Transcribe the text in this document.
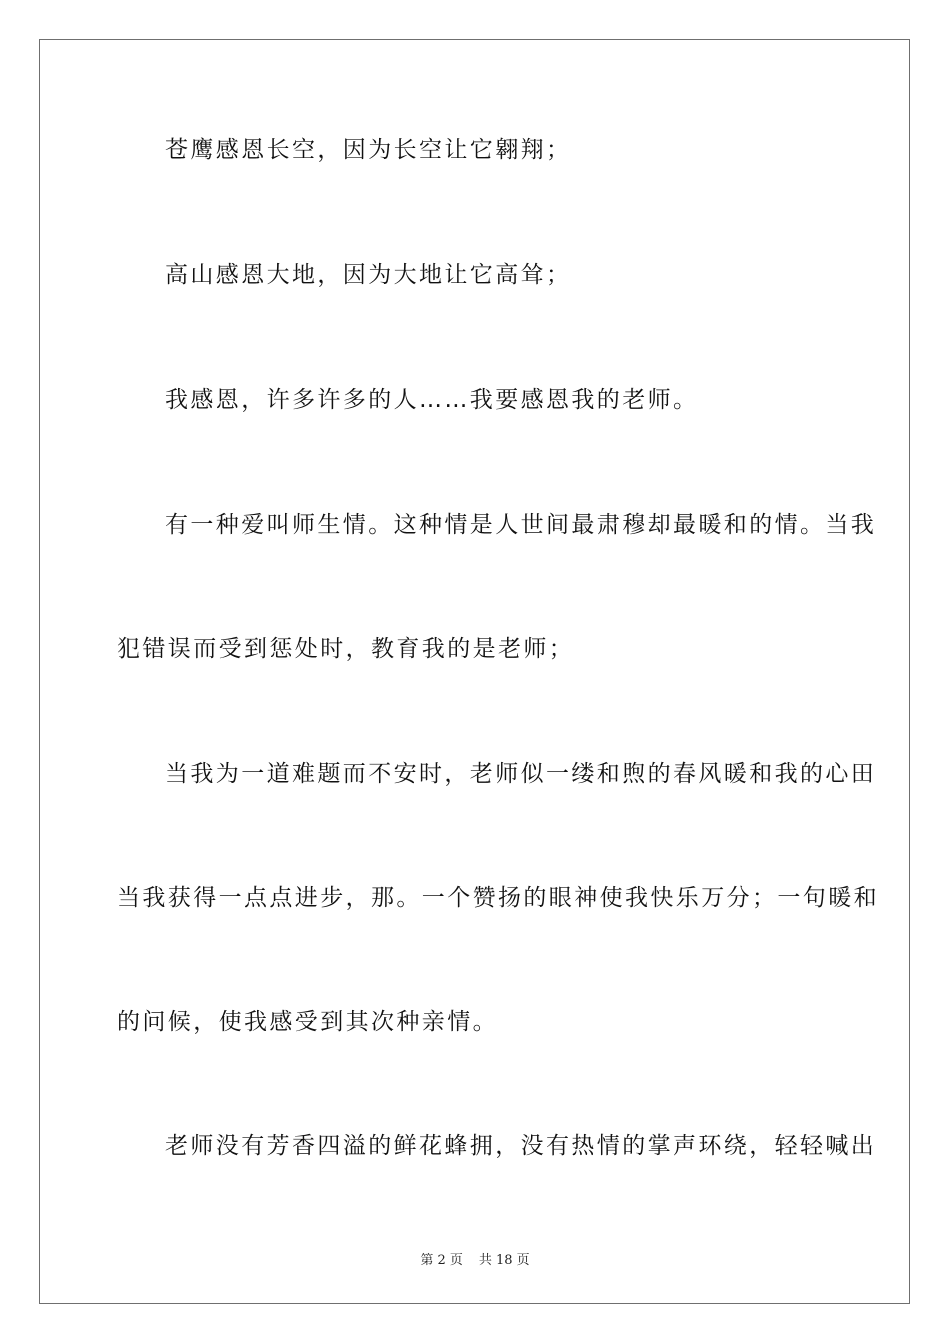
苍鹰感恩长空，因为长空让它翱翔；
高山感恩大地，因为大地让它高耸；
我感恩，许多许多的人……我要感恩我的老师。
有一种爱叫师生情。这种情是人世间最肃穆却最暖和的情。当我
犯错误而受到惩处时，教育我的是老师；
当我为一道难题而不安时，老师似一缕和煦的春风暖和我的心田
当我获得一点点进步，那。一个赞扬的眼神使我快乐万分；一句暖和
的问候，使我感受到其次种亲情。
老师没有芳香四溢的鲜花蜂拥，没有热情的掌声环绕，轻轻喊出
第 2 页 共 18 页
